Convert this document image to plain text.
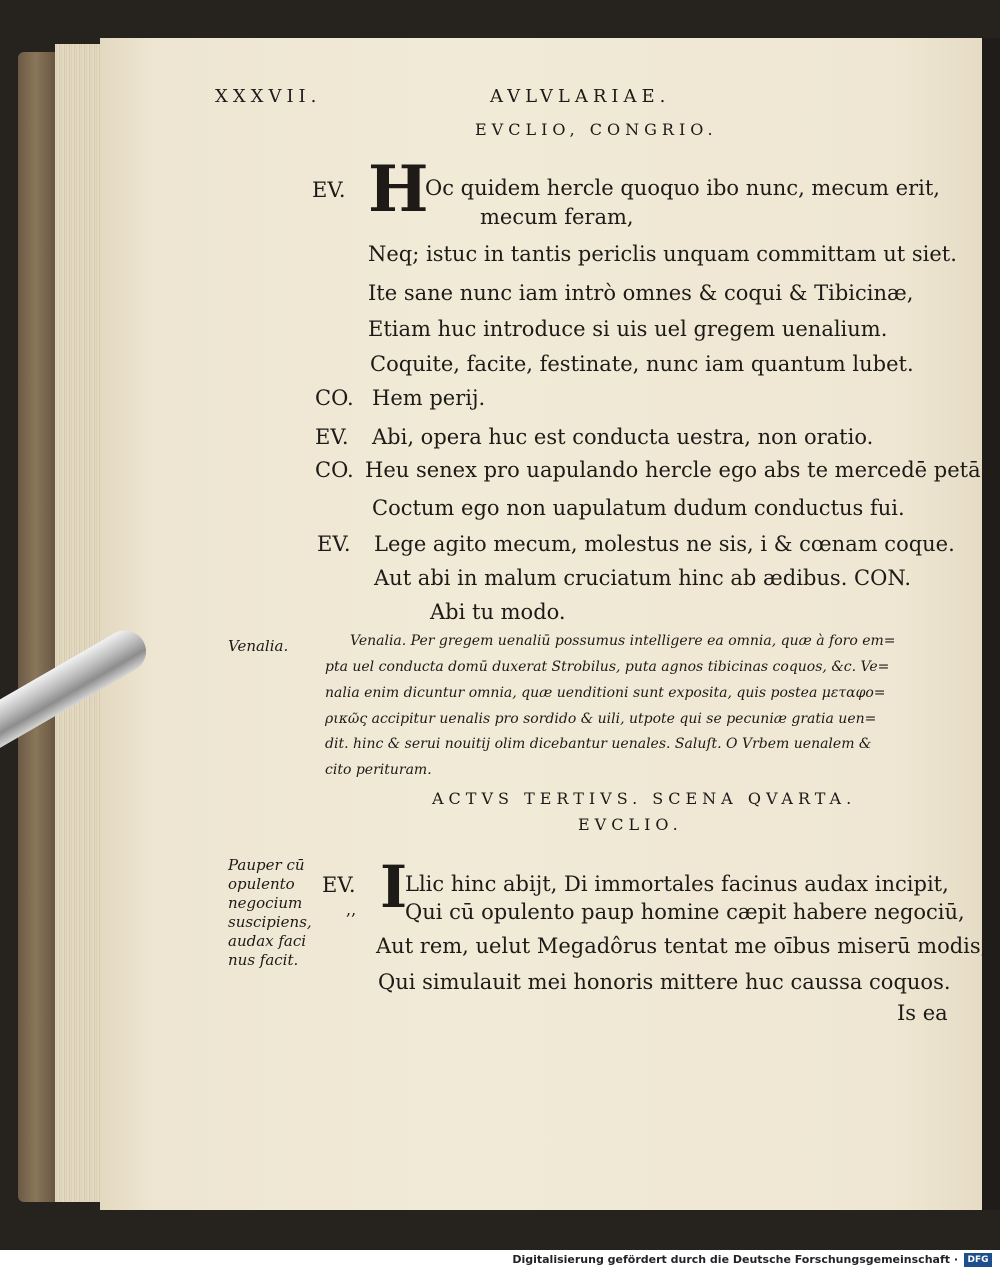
XXXVII.	AVLVLARIAE.
EVCLIO, CONGRIO.
EV. H
Oc quidem hercle quoquo ibo nunc, mecum erit,
mecum feram,
Neq; istuc in tantis periclis unquam committam ut siet.
Ite sane nunc iam intrò omnes & coqui & Tibicinæ,
Etiam huc introduce si uis uel gregem uenalium.
Coquite, facite, festinate, nunc iam quantum lubet.
CO. Hem perij.
EV. Abi, opera huc est conducta uestra, non oratio.
CO. Heu senex pro uapulando hercle ego abs te mercedē petā.
Coctum ego non uapulatum dudum conductus fui.
EV. Lege agito mecum, molestus ne sis, i & cœnam coque.
Aut abi in malum cruciatum hinc ab ædibus. CON.
Abi tu modo.
Venalia.	Venalia. Per gregem uenaliū possumus intelligere ea omnia, quæ à foro em=
pta uel conducta domū duxerat Strobilus, puta agnos tibicinas coquos, &c. Ve=
nalia enim dicuntur omnia, quæ uenditioni sunt exposita, quis postea μεταφο=
ρικῶς accipitur uenalis pro sordido & uili, utpote qui se pecuniæ gratia uen=
dit. hinc & serui nouitij olim dicebantur uenales. Saluſt. O Vrbem uenalem &
cito perituram.
ACTVS TERTIVS. SCENA QVARTA.
EVCLIO.
Pauper cū
opulento
negocium
suscipiens,
audax faci
nus facit.
EV.
,, I
Llic hinc abijt, Di immortales facinus audax incipit,
Qui cū opulento paup homine cæpit habere negociū,
Aut rem, uelut Megadôrus tentat me oībus miserū modis,
Qui simulauit mei honoris mittere huc caussa coquos.
Is ea
Digitalisierung gefördert durch die Deutsche Forschungsgemeinschaft ·	DFG
